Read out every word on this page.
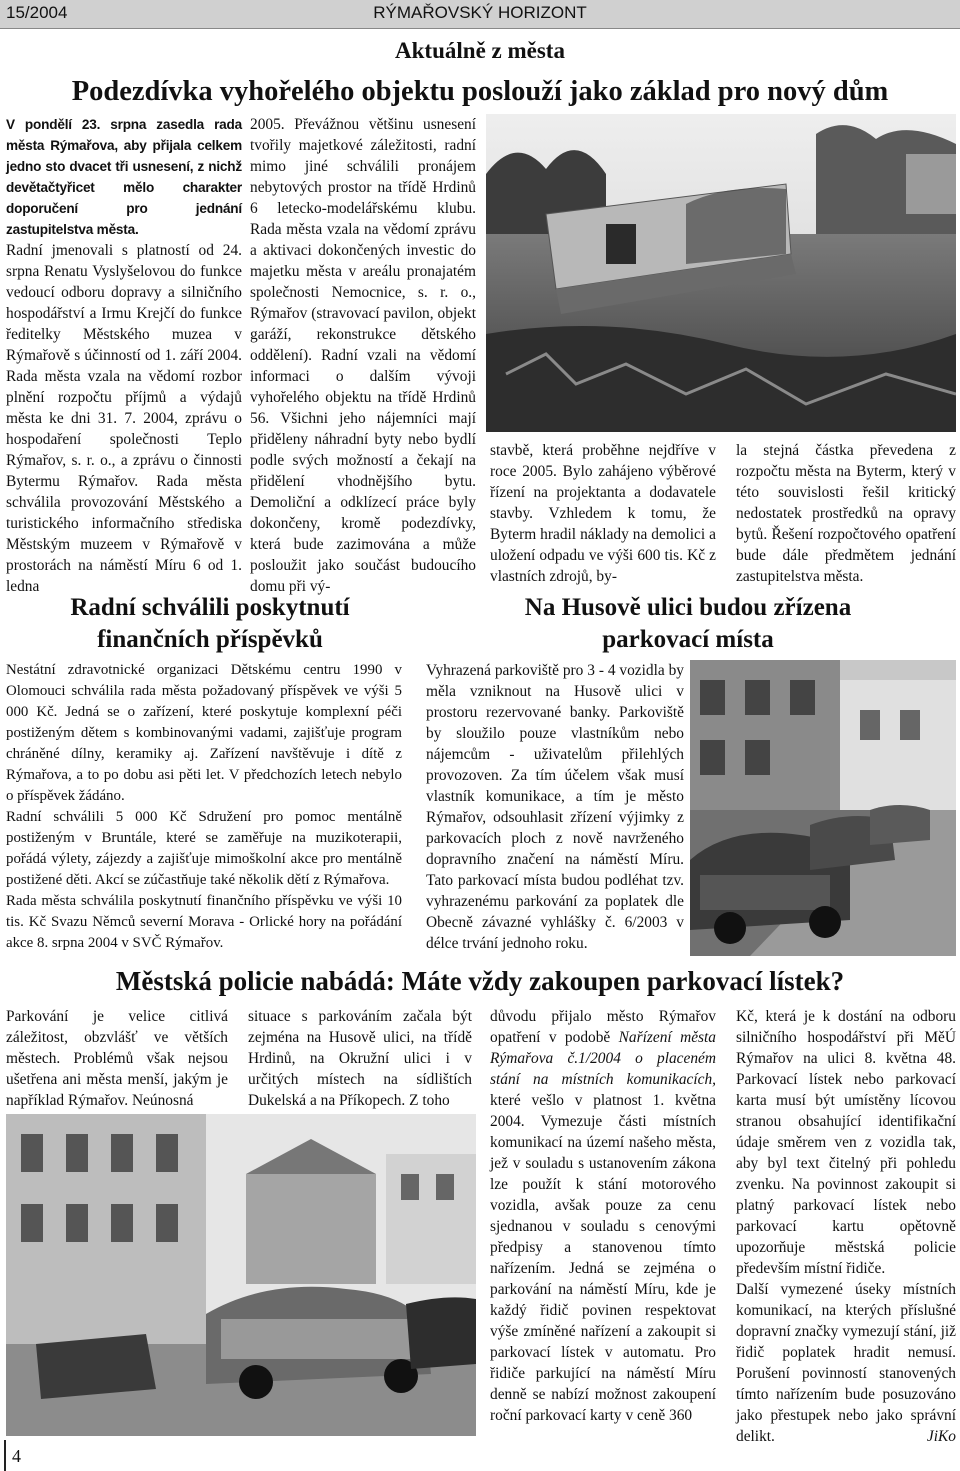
15/2004	RÝMAŘOVSKÝ HORIZONT
Aktuálně z města
Podezdívka vyhořelého objektu poslouží jako základ pro nový dům

V pondělí 23. srpna zasedla rada města Rýmařova, aby přijala celkem jedno sto dvacet tři usnesení, z nichž devětačtyřicet mělo charakter doporučení pro jednání zastupitelstva města.

Radní jmenovali s platností od 24. srpna Renatu Vyslyšelovou do funkce vedoucí odboru dopravy a silničního hospodářství a Irmu Krejčí do funkce ředitelky Městského muzea v Rýmařově s účinností od 1. září 2004. Rada města vzala na vědomí rozbor plnění rozpočtu příjmů a výdajů města ke dni 31. 7. 2004, zprávu o hospodaření společnosti Teplo Rýmařov, s. r. o., a zprávu o činnosti Bytermu Rýmařov. Rada města schválila provozování Městského a turistického informačního střediska Městským muzeem v Rýmařově v prostorách na náměstí Míru 6 od 1. ledna

2005. Převážnou většinu usnesení tvořily majetkové záležitosti, radní mimo jiné schválili pronájem nebytových prostor na třídě Hrdinů 6 letecko-modelářskému klubu. Rada města vzala na vědomí zprávu a aktivaci dokončených investic do majetku města v areálu pronajatém společnosti Nemocnice, s. r. o., Rýmařov (stravovací pavilon, objekt garáží, rekonstrukce dětského oddělení). Radní vzali na vědomí informaci o dalším vývoji vyhořelého objektu na třídě Hrdinů 56. Všichni jeho nájemníci mají přiděleny náhradní byty nebo bydlí podle svých možností a čekají na přidělení vhodnějšího bytu. Demoliční a odklízecí práce byly dokončeny, kromě podezdívky, která bude zazimována a může posloužit jako součást budoucího domu při vý-
stavbě, která proběhne nejdříve v roce 2005. Bylo zahájeno výběrové řízení na projektanta a dodavatele stavby. Vzhledem k tomu, že Byterm hradil náklady na demolici a uložení odpadu ve výši 600 tis. Kč z vlastních zdrojů, by-
la stejná částka převedena z rozpočtu města na Byterm, který v této souvislosti řešil kritický nedostatek prostředků na opravy bytů. Řešení rozpočtového opatření bude dále předmětem jednání zastupitelstva města.
Radní schválili poskytnutí
finančních příspěvků

Nestátní zdravotnické organizaci Dětskému centru 1990 v Olomouci schválila rada města požadovaný příspěvek ve výši 5 000 Kč. Jedná se o zařízení, které poskytuje komplexní péči postiženým dětem s kombinovanými vadami, zajišťuje program chráněné dílny, keramiky aj. Zařízení navštěvuje i dítě z Rýmařova, a to po dobu asi pěti let. V předchozích letech nebylo o příspěvek žádáno.

Radní schválili 5 000 Kč Sdružení pro pomoc mentálně postiženým v Bruntále, které se zaměřuje na muzikoterapii, pořádá výlety, zájezdy a zajišťuje mimoškolní akce pro mentálně postižené děti. Akcí se zúčastňuje také několik dětí z Rýmařova.

Rada města schválila poskytnutí finančního příspěvku ve výši 10 tis. Kč Svazu Němců severní Morava - Orlické hory na pořádání akce 8. srpna 2004 v SVČ Rýmařov.

Na Husově ulici budou zřízena
parkovací místa
Vyhrazená parkoviště pro 3 - 4 vozidla by měla vzniknout na Husově ulici v prostoru rezervované banky. Parkoviště by sloužilo pouze vlastníkům nebo nájemcům - uživatelům přilehlých provozoven. Za tím účelem však musí vlastník komunikace, a tím je město Rýmařov, odsouhlasit zřízení výjimky z parkovacích ploch z nově navrženého dopravního značení na náměstí Míru. Tato parkovací místa budou podléhat tzv. vyhrazenému parkování za poplatek dle Obecně závazné vyhlášky č. 6/2003 v délce trvání jednoho roku.
Městská policie nabádá: Máte vždy zakoupen parkovací lístek?
Parkování je velice citlivá záležitost, obzvlášť ve větších městech. Problémů však nejsou ušetřena ani města menší, jakým je například Rýmařov. Neúnosná
situace s parkováním začala být zejména na Husově ulici, na třídě Hrdinů, na Okružní ulici i v určitých místech na sídlištích Dukelská a na Příkopech. Z toho
důvodu přijalo město Rýmařov opatření v podobě Nařízení města Rýmařova č.1/2004 o placeném stání na místních komunikacích, které vešlo v platnost 1. května 2004. Vymezuje části místních komunikací na území našeho města, jež v souladu s ustanovením zákona lze použít k stání motorového vozidla, avšak pouze za cenu sjednanou v souladu s cenovými předpisy a stanovenou tímto nařízením. Jedná se zejména o parkování na náměstí Míru, kde je každý řidič povinen respektovat výše zmíněné nařízení a zakoupit si parkovací lístek v automatu. Pro řidiče parkující na náměstí Míru denně se nabízí možnost zakoupení roční parkovací karty v ceně 360

Kč, která je k dostání na odboru silničního hospodářství při MěÚ Rýmařov na ulici 8. května 48. Parkovací lístek nebo parkovací karta musí být umístěny lícovou stranou obsahující identifikační údaje směrem ven z vozidla tak, aby byl text čitelný při pohledu zvenku. Na povinnost zakoupit si platný parkovací lístek nebo parkovací kartu opětovně upozorňuje městská policie především místní řidiče.

Další vymezené úseky místních komunikací, na kterých příslušné dopravní značky vymezují stání, již řidič poplatek hradit nemusí. Porušení povinností stanovených tímto nařízením bude posuzováno jako přestupek nebo jako správní delikt.	JiKo

4
